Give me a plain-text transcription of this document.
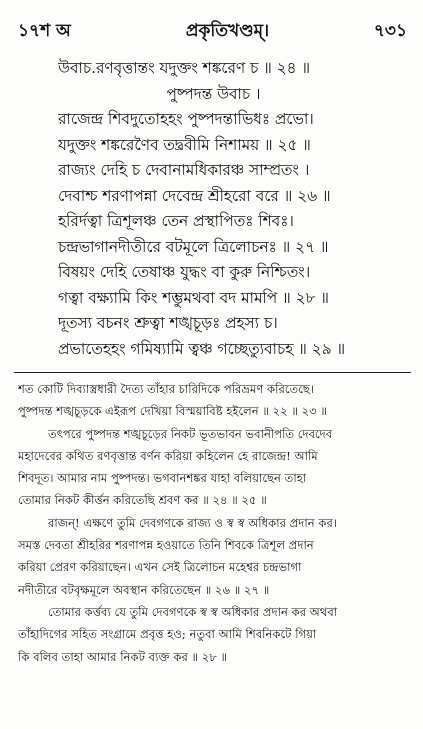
১৭শ অ	প্রকৃতিখণ্ডম্।	৭৩১
উবাচ.রণবৃত্তান্তং যদুক্তং শঙ্করেণ চ ॥ ২৪ ॥
পুষ্পদন্ত উবাচ ।
রাজেন্দ্র শিবদুতোহহং পুষ্পদন্তাভিধঃ প্রভো।
যদুক্তং শঙ্করেণৈব তদ্ব্রবীমি নিশাময় ॥ ২৫ ॥
রাজ্যং দেহি চ দেবানামধিকারঞ্চ সাম্প্রতং ।
দেবাশ্চ শরণাপন্না দেবেন্দ্র শ্রীহরো বরে ॥ ২৬ ॥
হরির্দত্বা ত্রিশূলঞ্চ তেন প্রস্থাপিতঃ শিবঃ।
চন্দ্রভাগানদীতীরে বটমূলে ত্রিলোচনঃ ॥ ২৭ ॥
বিষয়ং দেহি তেষাঞ্চ যুদ্ধং বা কুরু নিশ্চিতং।
গত্বা বক্ষ্যামি কিং শম্ভুমথবা বদ মামপি ॥ ২৮ ॥
দূতস্য বচনং শ্রুত্বা শঙ্খচূড়ঃ প্রহস্য চ।
প্রভাতেহহং গমিষ্যামি ত্বঞ্চ গচ্ছেত্যুবাচহ ॥ ২৯ ॥
শত কোটি দিব্যাস্ত্রধারী দৈত্য তাঁহার চারিদিকে পরিভ্রমণ করিতেছে।
পুষ্পদন্ত শঙ্খচূড়কে এইরূপ দেখিয়া বিস্ময়াবিষ্ট হইলেন ॥ ২২ ॥ ২৩ ॥
তৎপরে পুষ্পদন্ত শঙ্খচূড়ের নিকট ভূতভাবন ভবানীপতি দেবদেব
মহাদেবের কথিত রণবৃত্তান্ত বর্ণন করিয়া কহিলেন হে রাজেন্দ্র! আমি
শিবদূত। আমার নাম পুষ্পদন্ত। ভগবানশঙ্কর যাহা বলিয়াছেন তাহা
তোমার নিকট কীর্ত্তন করিতেছি শ্রবণ কর ॥ ২৪ ॥ ২৫ ॥
রাজন্! এক্ষণে তুমি দেবগণকে রাজ্য ও স্ব স্ব অধিকার প্রদান কর।
সমস্ত দেবতা শ্রীহরির শরণাপন্ন হওয়াতে তিনি শিবকে ত্রিশূল প্রদান
করিয়া প্রেরণ করিয়াছেন। এখন সেই ত্রিলোচন মহেশ্বর চন্দ্রভাগা
নদীতীরে বটবৃক্ষমূলে অবস্থান করিতেছেন ॥ ২৬ ॥ ২৭ ॥
তোমার কর্ত্তব্য যে তুমি দেবগণকে স্ব স্ব অধিকার প্রদান কর অথবা
তাঁহাদিগের সহিত সংগ্রামে প্রবৃত্ত হও; নতুবা আমি শিবনিকটে গিয়া
কি বলিব তাহা আমার নিকট ব্যক্ত কর ॥ ২৮ ॥
